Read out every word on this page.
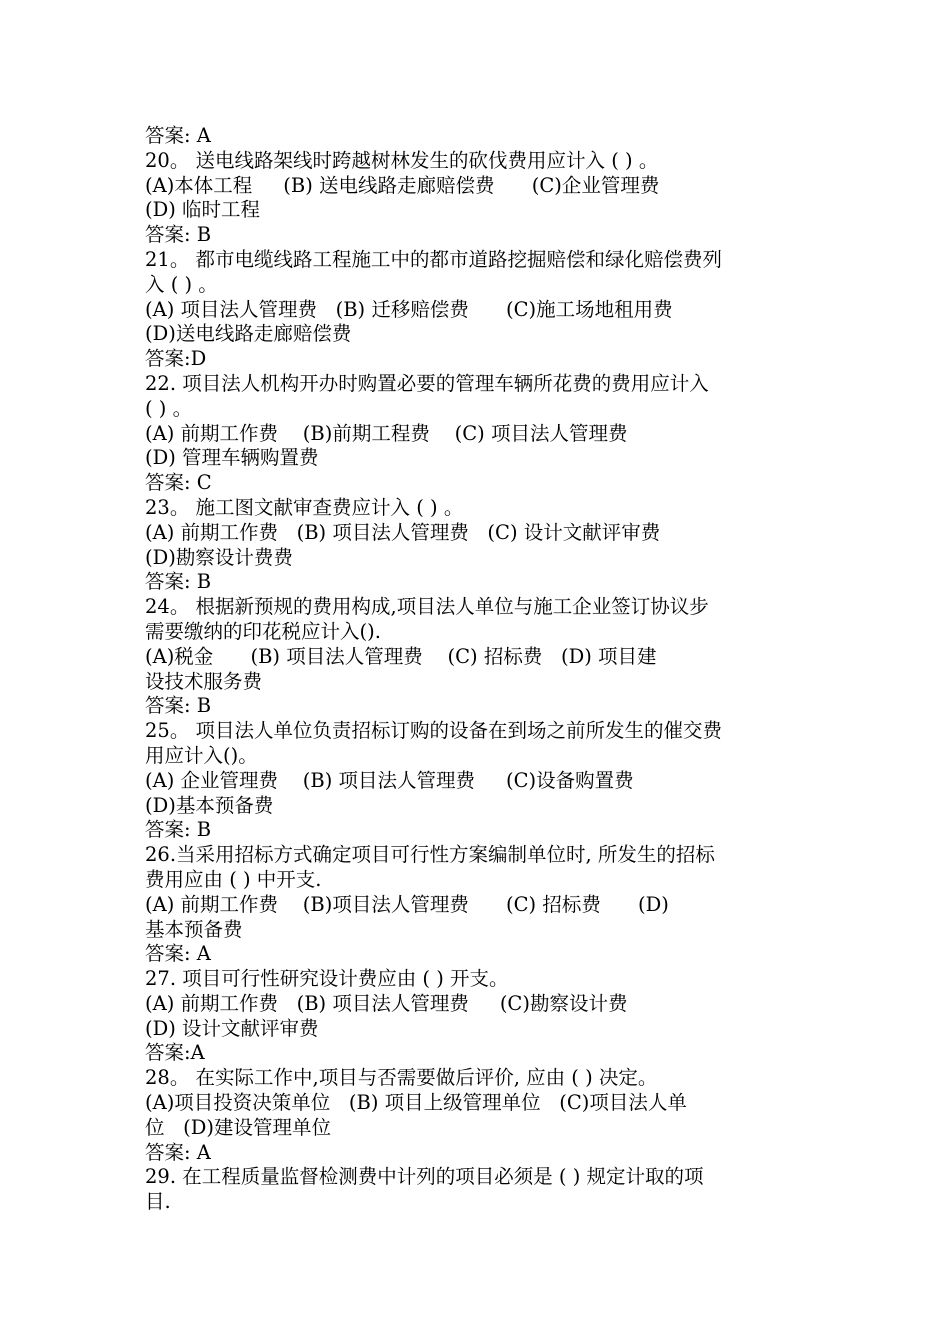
答案: A
20。 送电线路架线时跨越树林发生的砍伐费用应计入 ( ) 。
(A)本体工程     (B) 送电线路走廊赔偿费      (C)企业管理费
(D) 临时工程
答案: B
21。 都市电缆线路工程施工中的都市道路挖掘赔偿和绿化赔偿费列
入 ( ) 。
(A) 项目法人管理费   (B) 迁移赔偿费      (C)施工场地租用费
(D)送电线路走廊赔偿费
答案:D
22. 项目法人机构开办时购置必要的管理车辆所花费的费用应计入
( ) 。
(A) 前期工作费    (B)前期工程费    (C) 项目法人管理费
(D) 管理车辆购置费
答案: C
23。 施工图文献审查费应计入 ( ) 。
(A) 前期工作费   (B) 项目法人管理费   (C) 设计文献评审费
(D)勘察设计费费
答案: B
24。 根据新预规的费用构成,项目法人单位与施工企业签订协议步
需要缴纳的印花税应计入().
(A)税金      (B) 项目法人管理费    (C) 招标费   (D) 项目建
设技术服务费
答案: B
25。 项目法人单位负责招标订购的设备在到场之前所发生的催交费
用应计入()。
(A) 企业管理费    (B) 项目法人管理费     (C)设备购置费
(D)基本预备费
答案: B
26.当采用招标方式确定项目可行性方案编制单位时, 所发生的招标
费用应由 ( ) 中开支.
(A) 前期工作费    (B)项目法人管理费      (C) 招标费      (D)
基本预备费
答案: A
27. 项目可行性研究设计费应由 ( ) 开支。
(A) 前期工作费   (B) 项目法人管理费     (C)勘察设计费
(D) 设计文献评审费
答案:A
28。 在实际工作中,项目与否需要做后评价, 应由 ( ) 决定。
(A)项目投资决策单位   (B) 项目上级管理单位   (C)项目法人单
位   (D)建设管理单位
答案: A
29. 在工程质量监督检测费中计列的项目必须是 ( ) 规定计取的项
目.
